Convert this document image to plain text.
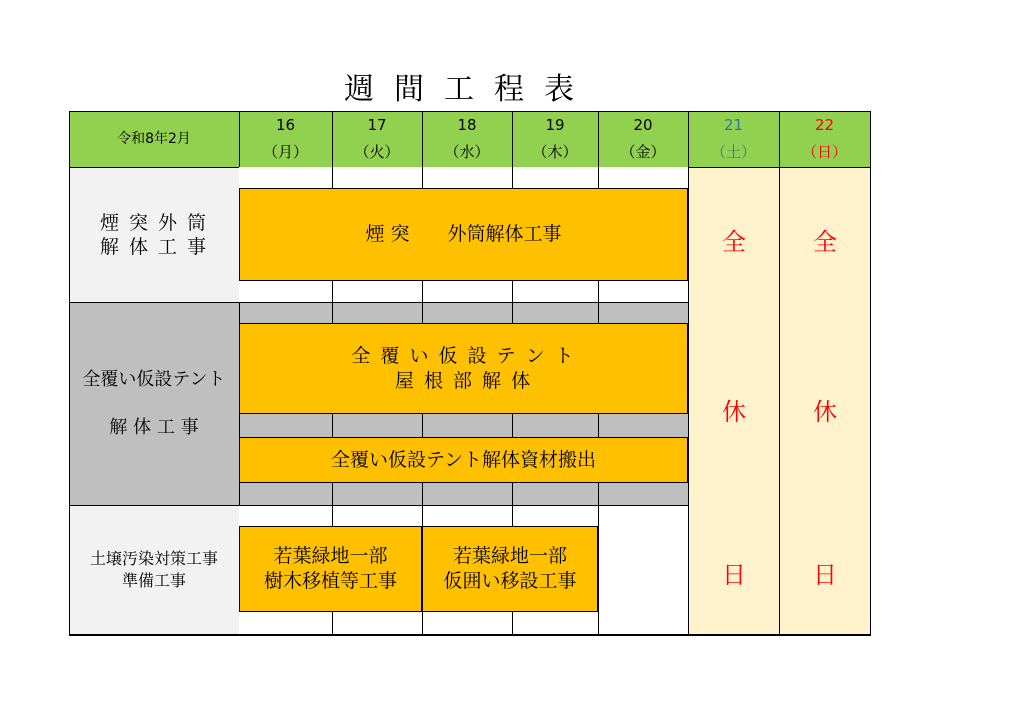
週間工程表
令和8年2月
16
（月）
17
（火）
18
（水）
19
（木）
20
（金）
21
（土）
22
（日）
煙 突 外 筒
解 体 工 事
全覆い仮設テント
解 体 工 事
土壌汚染対策工事
準備工事
煙 突　　外筒解体工事
全 覆 い 仮 設 テ ン ト
屋 根 部 解 体
全覆い仮設テント解体資材搬出
若葉緑地一部
樹木移植等工事
若葉緑地一部
仮囲い移設工事
全
休
日
全
休
日
